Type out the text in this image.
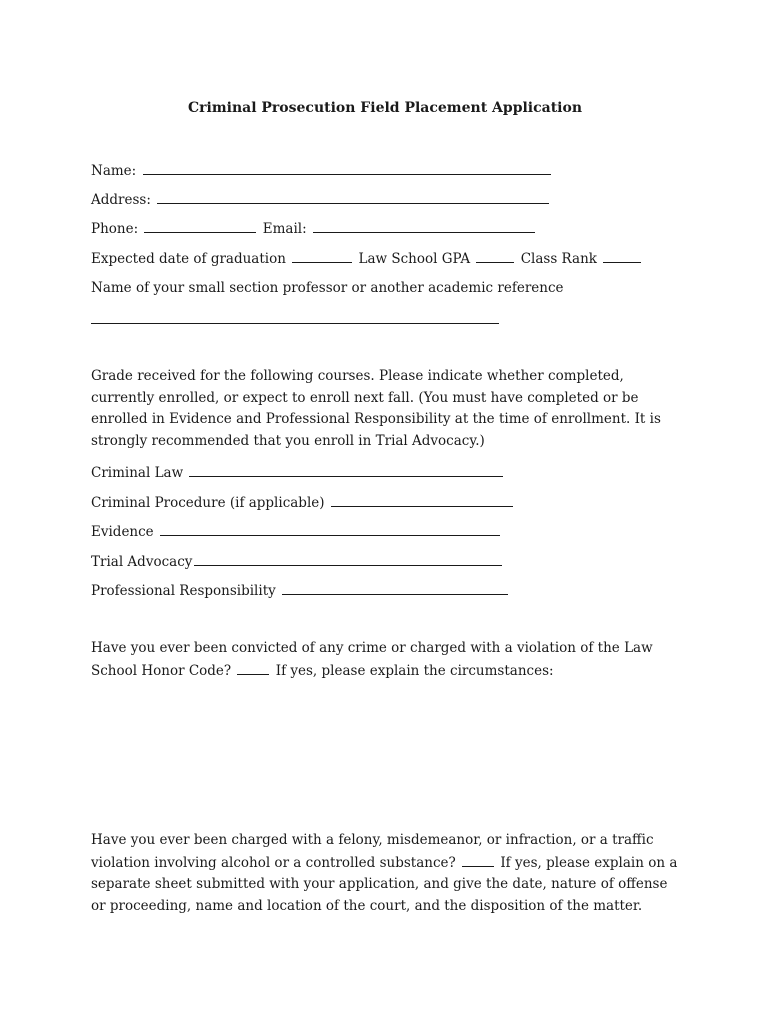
Criminal Prosecution Field Placement Application
Name:
Address:
Phone:	Email:
Expected date of graduation	Law School GPA	Class Rank
Name of your small section professor or another academic reference

Grade received for the following courses. Please indicate whether completed, currently enrolled, or expect to enroll next fall. (You must have completed or be enrolled in Evidence and Professional Responsibility at the time of enrollment. It is strongly recommended that you enroll in Trial Advocacy.)

Criminal Law
Criminal Procedure (if applicable)
Evidence
Trial Advocacy
Professional Responsibility

Have you ever been convicted of any crime or charged with a violation of the Law School Honor Code?	If yes, please explain the circumstances:

Have you ever been charged with a felony, misdemeanor, or infraction, or a traffic violation involving alcohol or a controlled substance?	If yes, please explain on a separate sheet submitted with your application, and give the date, nature of offense or proceeding, name and location of the court, and the disposition of the matter.
